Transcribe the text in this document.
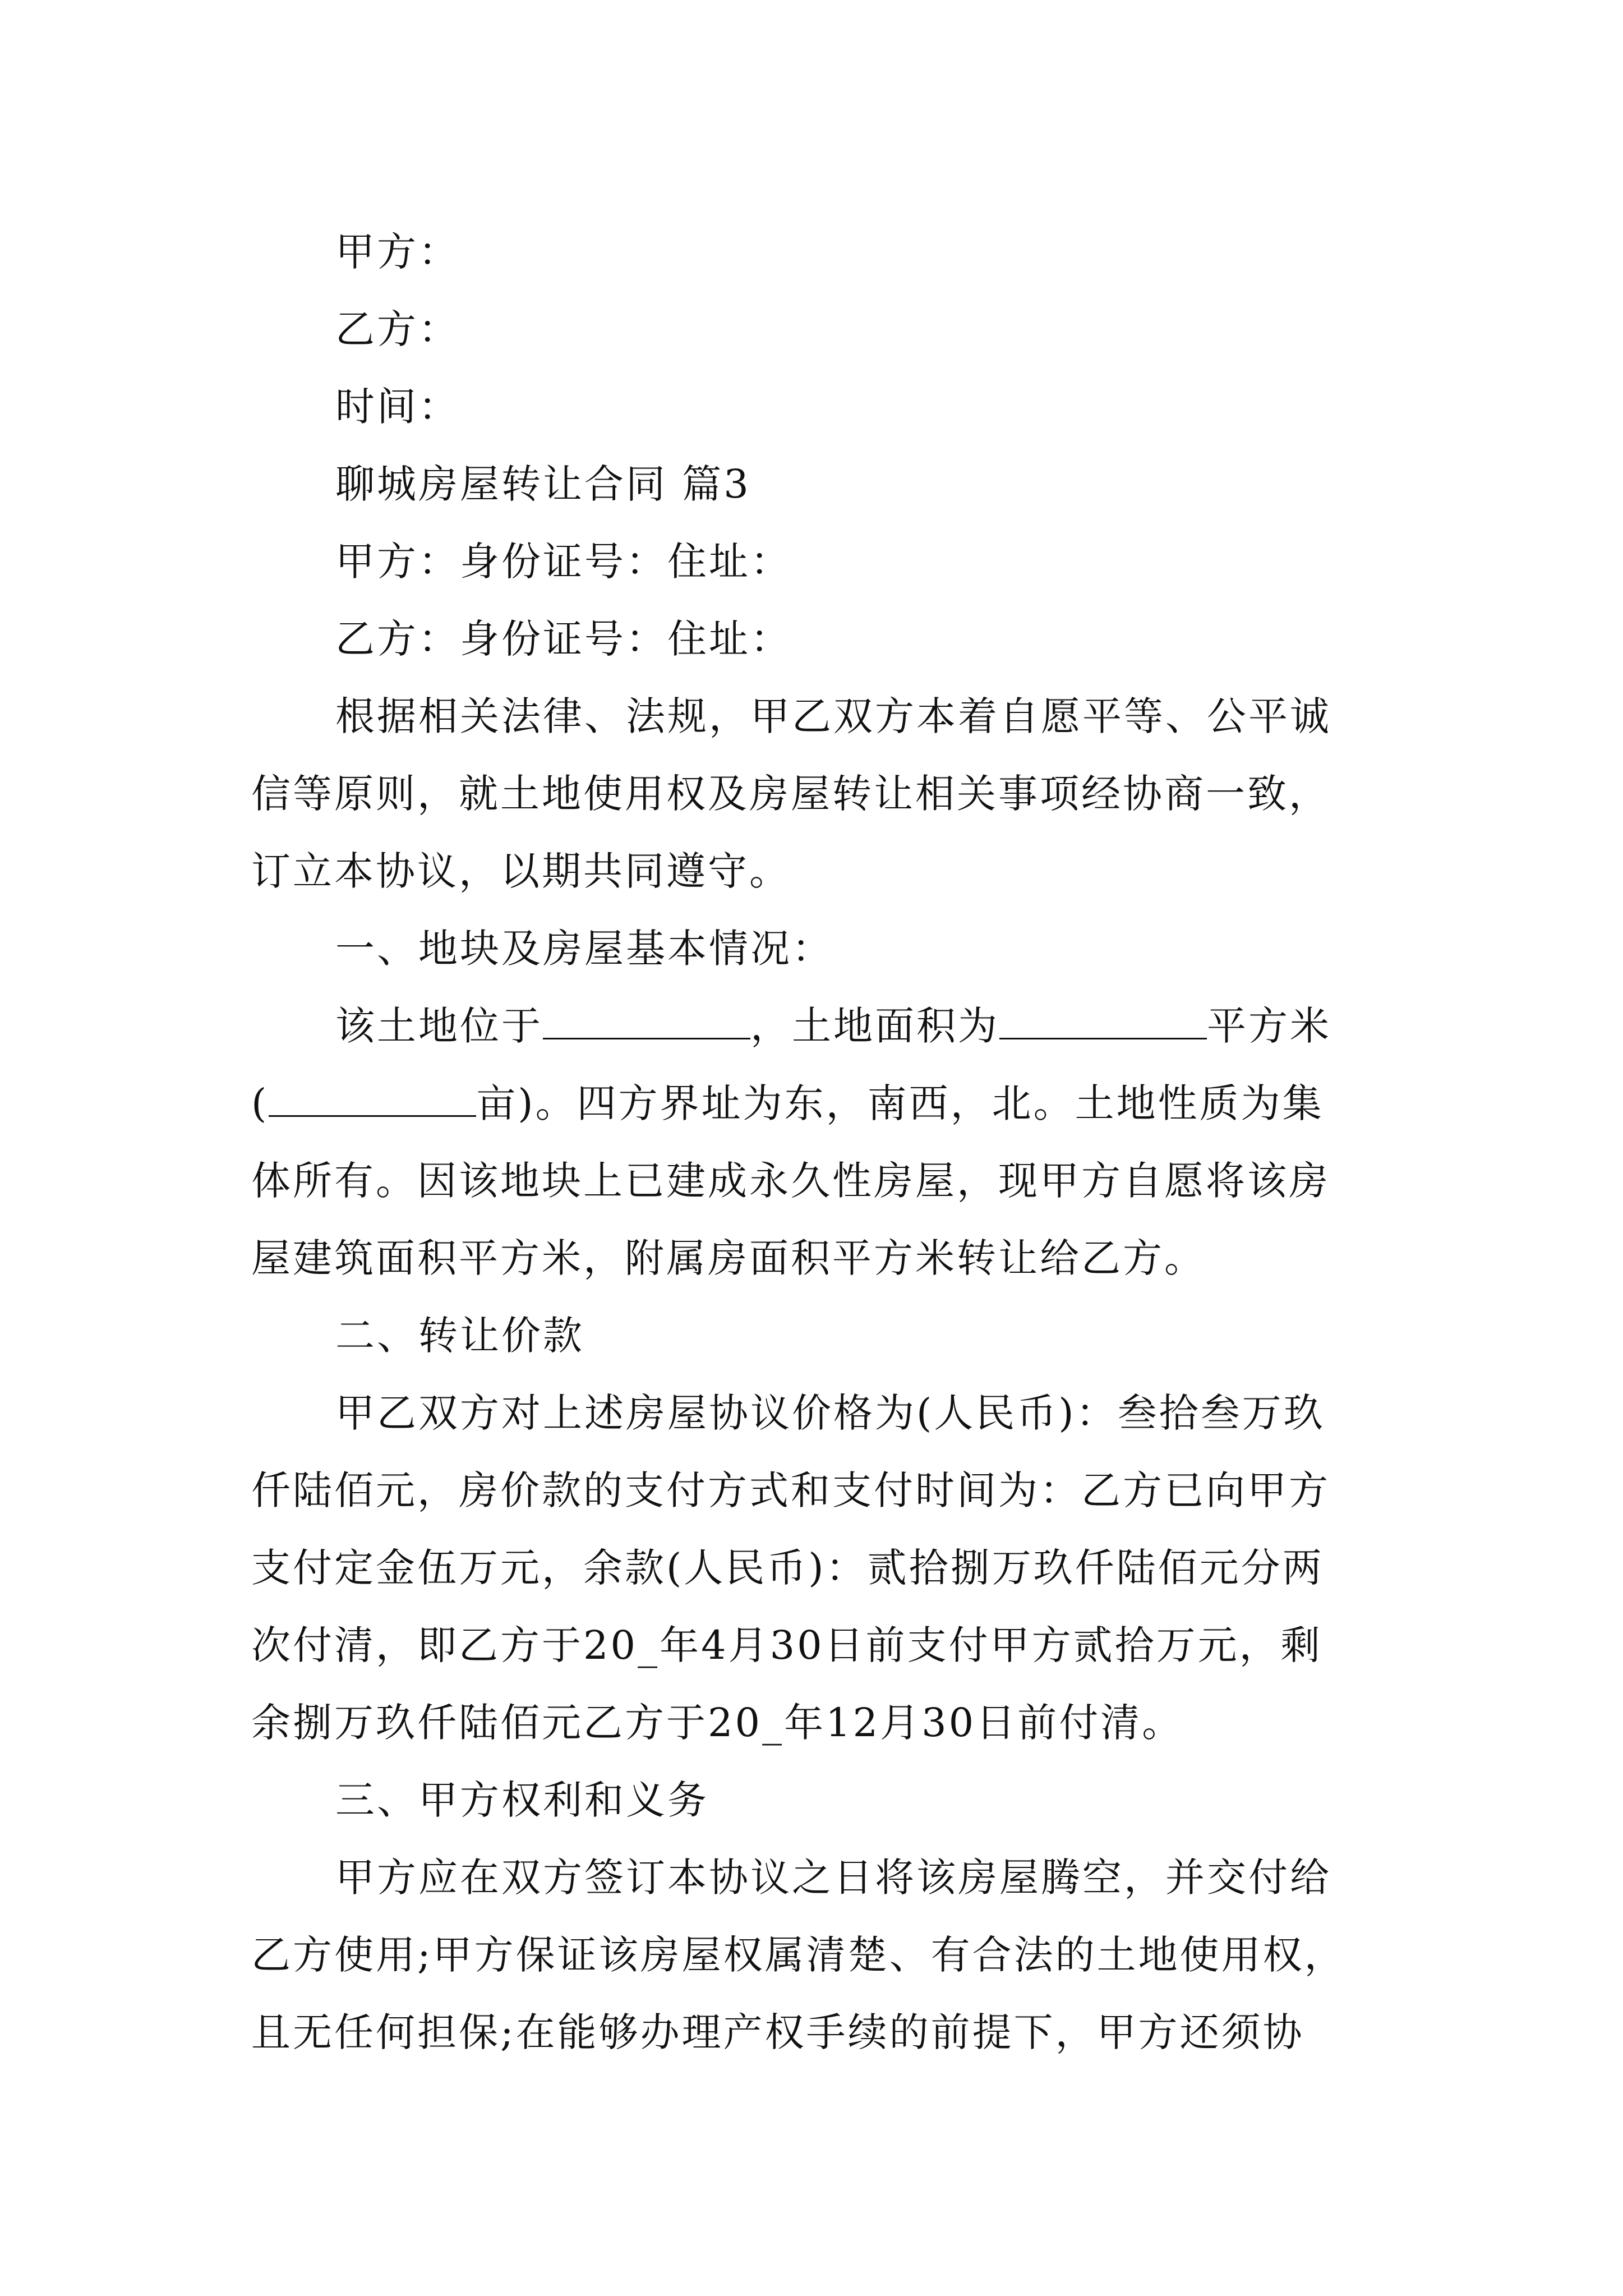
甲方：
乙方：
时间：
聊城房屋转让合同 篇3
甲方：身份证号：住址：
乙方：身份证号：住址：
根据相关法律、法规，甲乙双方本着自愿平等、公平诚
信等原则，就土地使用权及房屋转让相关事项经协商一致，
订立本协议，以期共同遵守。
一、地块及房屋基本情况：
该土地位于	，土地面积为	平方米
(	亩)。四方界址为东，南西，北。土地性质为集
体所有。因该地块上已建成永久性房屋，现甲方自愿将该房
屋建筑面积平方米，附属房面积平方米转让给乙方。
二、转让价款
甲乙双方对上述房屋协议价格为(人民币)：叁拾叁万玖
仟陆佰元，房价款的支付方式和支付时间为：乙方已向甲方
支付定金伍万元，余款(人民币)：贰拾捌万玖仟陆佰元分两
次付清，即乙方于20_年4月30日前支付甲方贰拾万元，剩
余捌万玖仟陆佰元乙方于20_年12月30日前付清。
三、甲方权利和义务
甲方应在双方签订本协议之日将该房屋腾空，并交付给
乙方使用;甲方保证该房屋权属清楚、有合法的土地使用权，
且无任何担保;在能够办理产权手续的前提下，甲方还须协
